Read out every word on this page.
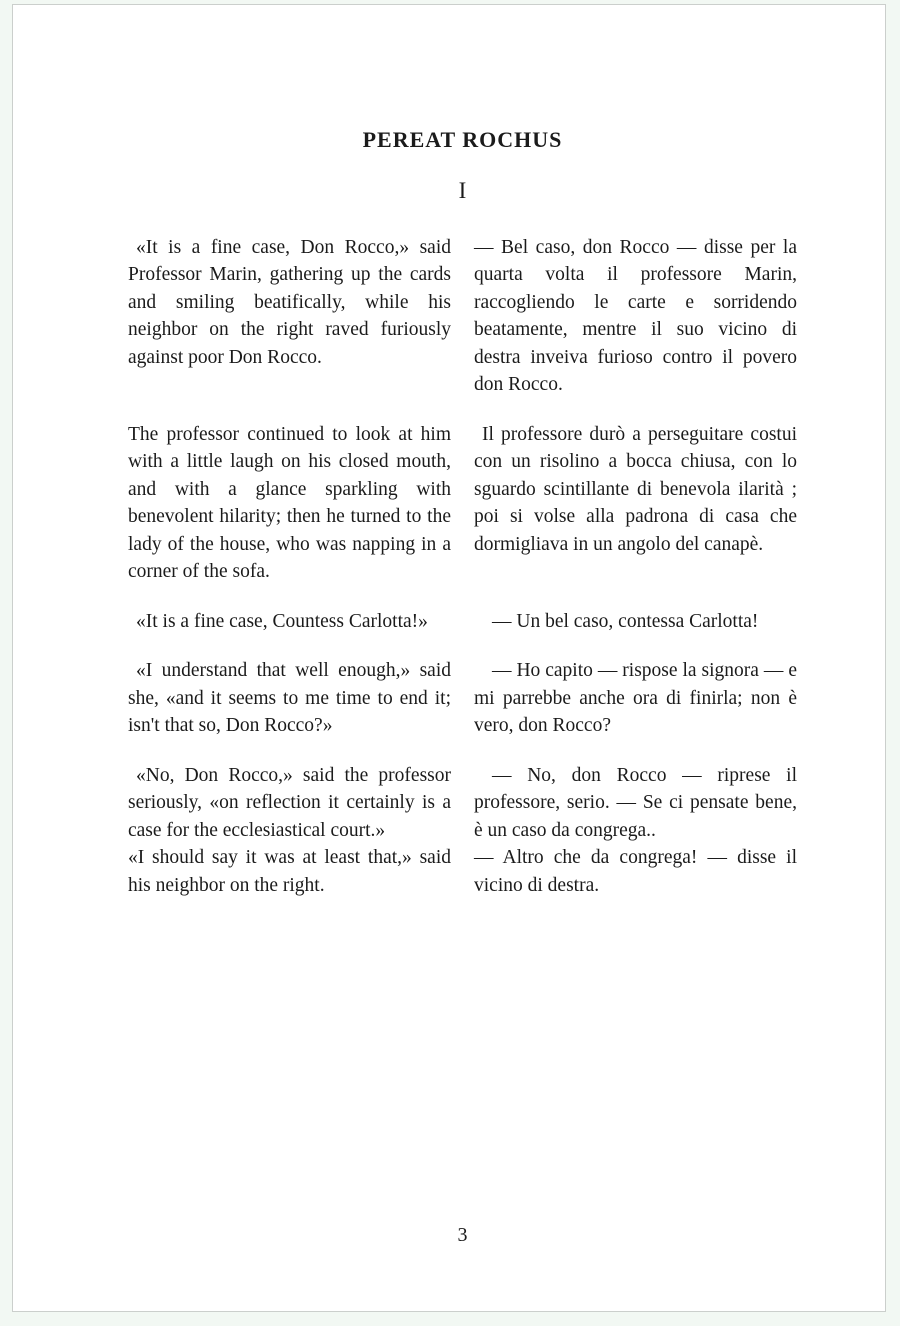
PEREAT ROCHUS
I

«It is a fine case, Don Rocco,» said Professor Marin, gathering up the cards and smiling beatifically, while his neighbor on the right raved furiously against poor Don Rocco.

— Bel caso, don Rocco — disse per la quarta volta il professore Marin, raccogliendo le carte e sorridendo beatamente, mentre il suo vicino di destra inveiva furioso contro il povero don Rocco.

The professor continued to look at him with a little laugh on his closed mouth, and with a glance sparkling with benevolent hilarity; then he turned to the lady of the house, who was napping in a corner of the sofa.

Il professore durò a perseguitare costui con un risolino a bocca chiusa, con lo sguardo scintillante di benevola ilarità ; poi si volse alla padrona di casa che dormigliava in un angolo del canapè.

«It is a fine case, Countess Carlotta!»	— Un bel caso, contessa Carlotta!

«I understand that well enough,» said she, «and it seems to me time to end it; isn't that so, Don Rocco?»

— Ho capito — rispose la signora — e mi parrebbe anche ora di finirla; non è vero, don Rocco?

«No, Don Rocco,» said the professor seriously, «on reflection it certainly is a case for the ecclesiastical court.»

«I should say it was at least that,» said his neighbor on the right.

— No, don Rocco — riprese il professore, serio. — Se ci pensate bene, è un caso da congrega..

— Altro che da congrega! — disse il vicino di destra.

3
